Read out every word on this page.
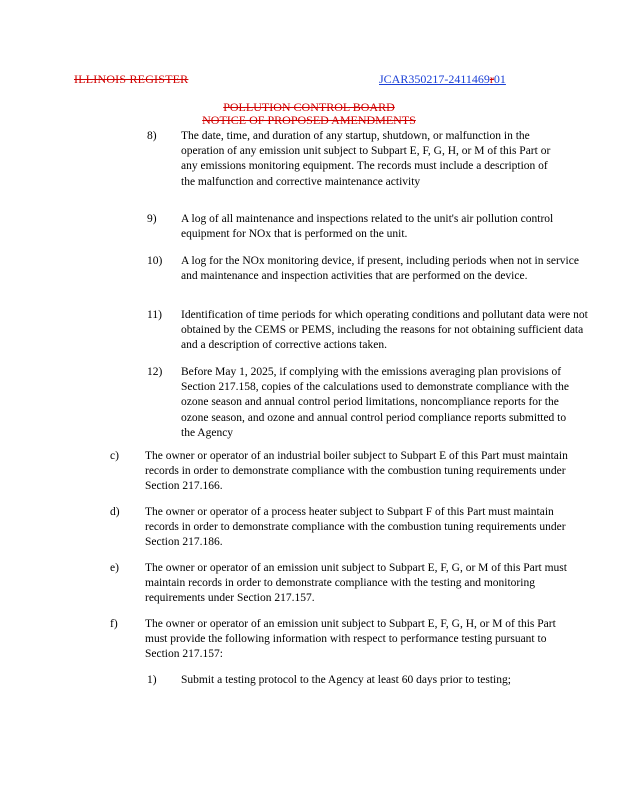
ILLINOIS REGISTER	JCAR350217-2411469r01
POLLUTION CONTROL BOARD
NOTICE OF PROPOSED AMENDMENTS
8) The date, time, and duration of any startup, shutdown, or malfunction in the operation of any emission unit subject to Subpart E, F, G, H, or M of this Part or any emissions monitoring equipment. The records must include a description of the malfunction and corrective maintenance activity
9) A log of all maintenance and inspections related to the unit's air pollution control equipment for NOx that is performed on the unit.
10) A log for the NOx monitoring device, if present, including periods when not in service and maintenance and inspection activities that are performed on the device.
11) Identification of time periods for which operating conditions and pollutant data were not obtained by the CEMS or PEMS, including the reasons for not obtaining sufficient data and a description of corrective actions taken.
12) Before May 1, 2025, if complying with the emissions averaging plan provisions of Section 217.158, copies of the calculations used to demonstrate compliance with the ozone season and annual control period limitations, noncompliance reports for the ozone season, and ozone and annual control period compliance reports submitted to the Agency
c) The owner or operator of an industrial boiler subject to Subpart E of this Part must maintain records in order to demonstrate compliance with the combustion tuning requirements under Section 217.166.
d) The owner or operator of a process heater subject to Subpart F of this Part must maintain records in order to demonstrate compliance with the combustion tuning requirements under Section 217.186.
e) The owner or operator of an emission unit subject to Subpart E, F, G, or M of this Part must maintain records in order to demonstrate compliance with the testing and monitoring requirements under Section 217.157.
f) The owner or operator of an emission unit subject to Subpart E, F, G, H, or M of this Part must provide the following information with respect to performance testing pursuant to Section 217.157:
1) Submit a testing protocol to the Agency at least 60 days prior to testing;
